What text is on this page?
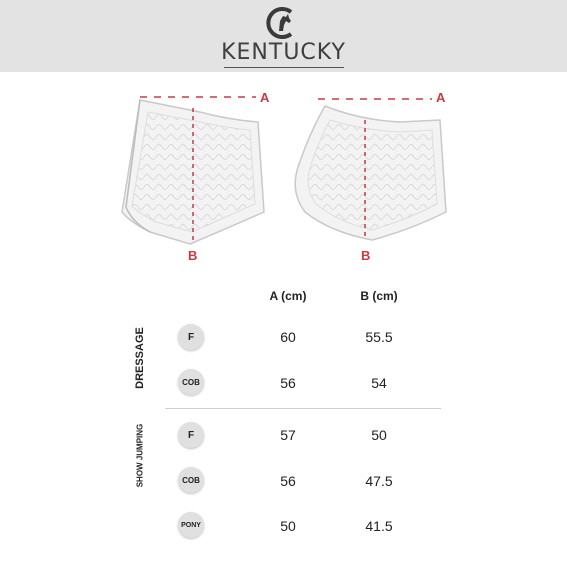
KENTUCKY
A
B
A
B
A (cm)	B (cm)
DRESSAGE
SHOW JUMPING
F	60	55.5
COB	56	54
F	57	50
COB	56	47.5
PONY	50	41.5
